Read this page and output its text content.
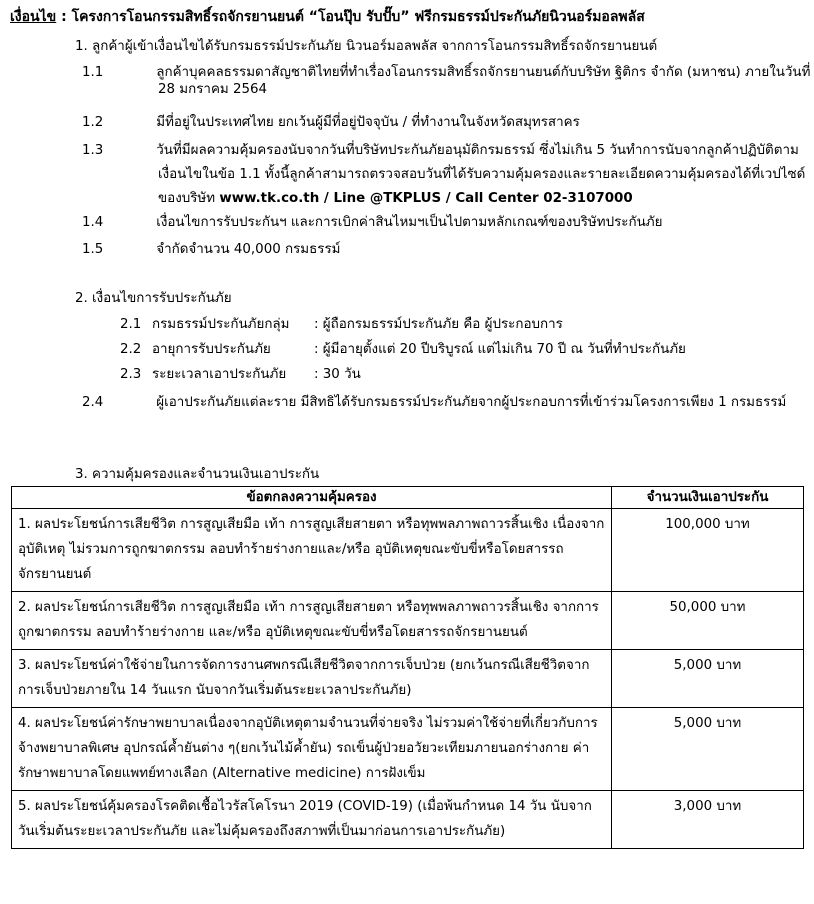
เงื่อนไข : โครงการโอนกรรมสิทธิ์รถจักรยานยนต์ “โอนปุ๊บ รับปั๊บ” ฟรีกรมธรรม์ประกันภัยนิวนอร์มอลพลัส
1. ลูกค้าผู้เข้าเงื่อนไขได้รับกรมธรรม์ประกันภัย นิวนอร์มอลพลัส จากการโอนกรรมสิทธิ์รถจักรยานยนต์
1.1	ลูกค้าบุคคลธรรมดาสัญชาติไทยที่ทำเรื่องโอนกรรมสิทธิ์รถจักรยานยนต์กับบริษัท ฐิติกร จำกัด (มหาชน) ภายในวันที่ 28 มกราคม 2564
1.2	มีที่อยู่ในประเทศไทย ยกเว้นผู้มีที่อยู่ปัจจุบัน / ที่ทำงานในจังหวัดสมุทรสาคร
1.3	วันที่มีผลความคุ้มครองนับจากวันที่บริษัทประกันภัยอนุมัติกรมธรรม์ ซึ่งไม่เกิน 5 วันทำการนับจากลูกค้าปฏิบัติตามเงื่อนไขในข้อ 1.1 ทั้งนี้ลูกค้าสามารถตรวจสอบวันที่ได้รับความคุ้มครองและรายละเอียดความคุ้มครองได้ที่เวปไซด์ของบริษัท www.tk.co.th / Line @TKPLUS / Call Center 02-3107000
1.4	เงื่อนไขการรับประกันฯ และการเบิกค่าสินไหมฯเป็นไปตามหลักเกณฑ์ของบริษัทประกันภัย
1.5	จำกัดจำนวน 40,000 กรมธรรม์
2. เงื่อนไขการรับประกันภัย
2.1 กรมธรรม์ประกันภัยกลุ่ม : ผู้ถือกรมธรรม์ประกันภัย คือ ผู้ประกอบการ
2.2 อายุการรับประกันภัย	: ผู้มีอายุตั้งแต่ 20 ปีบริบูรณ์ แต่ไม่เกิน 70 ปี ณ วันที่ทำประกันภัย
2.3 ระยะเวลาเอาประกันภัย : 30 วัน
2.4	ผู้เอาประกันภัยแต่ละราย มีสิทธิได้รับกรมธรรม์ประกันภัยจากผู้ประกอบการที่เข้าร่วมโครงการเพียง 1 กรมธรรม์
3. ความคุ้มครองและจำนวนเงินเอาประกัน
ข้อตกลงความคุ้มครอง	จำนวนเงินเอาประกัน
1. ผลประโยชน์การเสียชีวิต การสูญเสียมือ เท้า การสูญเสียสายตา หรือทุพพลภาพถาวรสิ้นเชิง เนื่องจากอุบัติเหตุ ไม่รวมการถูกฆาตกรรม ลอบทำร้ายร่างกายและ/หรือ อุบัติเหตุขณะขับขี่หรือโดยสารรถจักรยานยนต์	100,000 บาท
2. ผลประโยชน์การเสียชีวิต การสูญเสียมือ เท้า การสูญเสียสายตา หรือทุพพลภาพถาวรสิ้นเชิง จากการถูกฆาตกรรม ลอบทำร้ายร่างกาย และ/หรือ อุบัติเหตุขณะขับขี่หรือโดยสารรถจักรยานยนต์	50,000 บาท
3. ผลประโยชน์ค่าใช้จ่ายในการจัดการงานศพกรณีเสียชีวิตจากการเจ็บป่วย (ยกเว้นกรณีเสียชีวิตจากการเจ็บป่วยภายใน 14 วันแรก นับจากวันเริ่มต้นระยะเวลาประกันภัย)	5,000 บาท
4. ผลประโยชน์ค่ารักษาพยาบาลเนื่องจากอุบัติเหตุตามจำนวนที่จ่ายจริง ไม่รวมค่าใช้จ่ายที่เกี่ยวกับการจ้างพยาบาลพิเศษ อุปกรณ์ค้ำยันต่าง ๆ(ยกเว้นไม้ค้ำยัน) รถเข็นผู้ป่วยอวัยวะเทียมภายนอกร่างกาย ค่ารักษาพยาบาลโดยแพทย์ทางเลือก (Alternative medicine) การฝังเข็ม	5,000 บาท
5. ผลประโยชน์คุ้มครองโรคติดเชื้อไวรัสโคโรนา 2019 (COVID-19) (เมื่อพ้นกำหนด 14 วัน นับจากวันเริ่มต้นระยะเวลาประกันภัย และไม่คุ้มครองถึงสภาพที่เป็นมาก่อนการเอาประกันภัย)	3,000 บาท
